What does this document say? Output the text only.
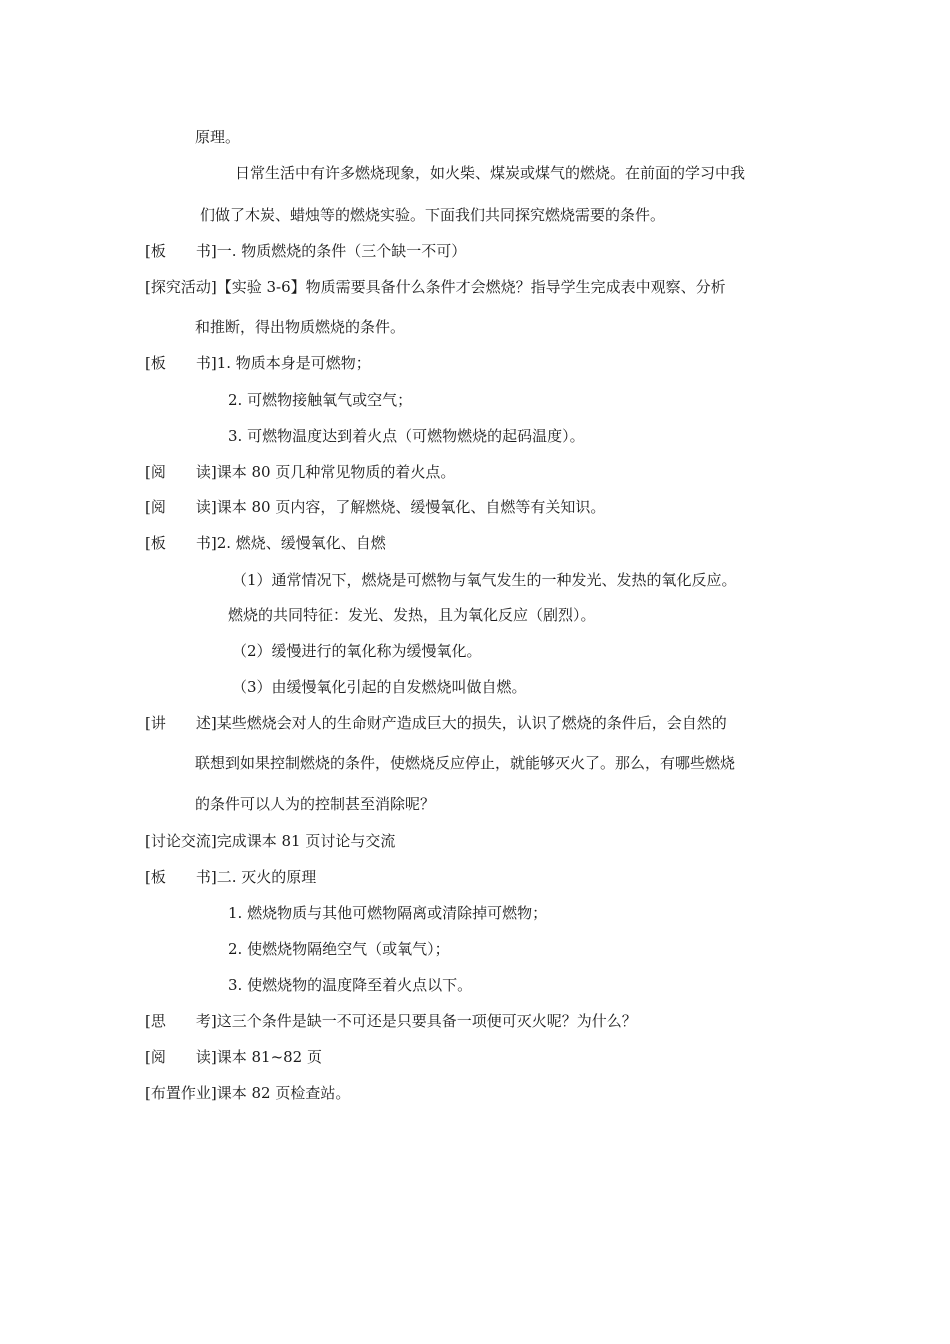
原理。
日常生活中有许多燃烧现象，如火柴、煤炭或煤气的燃烧。在前面的学习中我
们做了木炭、蜡烛等的燃烧实验。下面我们共同探究燃烧需要的条件。
[板　　书]一. 物质燃烧的条件（三个缺一不可）
[探究活动]【实验 3-6】物质需要具备什么条件才会燃烧？指导学生完成表中观察、分析
和推断，得出物质燃烧的条件。
[板　　书]1. 物质本身是可燃物；
2. 可燃物接触氧气或空气；
3. 可燃物温度达到着火点（可燃物燃烧的起码温度）。
[阅　　读]课本 80 页几种常见物质的着火点。
[阅　　读]课本 80 页内容，了解燃烧、缓慢氧化、自燃等有关知识。
[板　　书]2. 燃烧、缓慢氧化、自燃
（1）通常情况下，燃烧是可燃物与氧气发生的一种发光、发热的氧化反应。
燃烧的共同特征：发光、发热，且为氧化反应（剧烈）。
（2）缓慢进行的氧化称为缓慢氧化。
（3）由缓慢氧化引起的自发燃烧叫做自燃。
[讲　　述]某些燃烧会对人的生命财产造成巨大的损失，认识了燃烧的条件后，会自然的
联想到如果控制燃烧的条件，使燃烧反应停止，就能够灭火了。那么，有哪些燃烧
的条件可以人为的控制甚至消除呢？
[讨论交流]完成课本 81 页讨论与交流
[板　　书]二. 灭火的原理
1. 燃烧物质与其他可燃物隔离或清除掉可燃物；
2. 使燃烧物隔绝空气（或氧气）；
3. 使燃烧物的温度降至着火点以下。
[思　　考]这三个条件是缺一不可还是只要具备一项便可灭火呢？为什么？
[阅　　读]课本 81~82 页
[布置作业]课本 82 页检查站。
